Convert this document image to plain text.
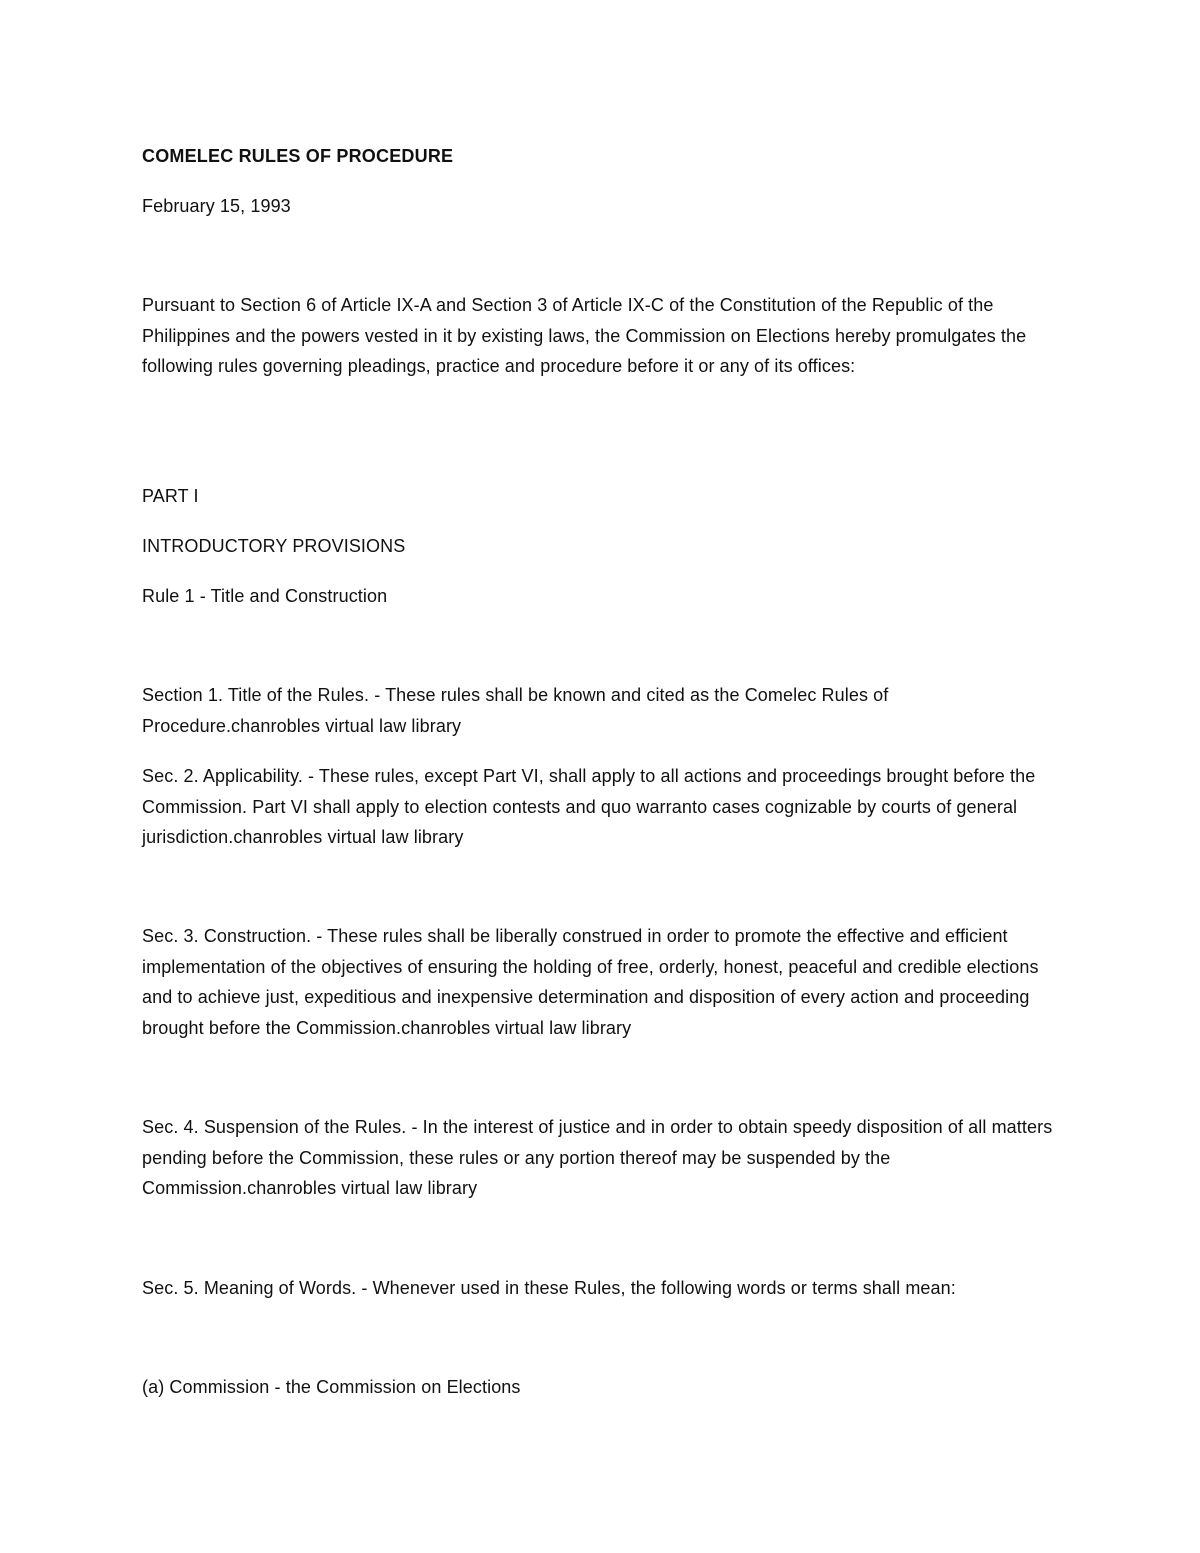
COMELEC RULES OF PROCEDURE

February 15, 1993

Pursuant to Section 6 of Article IX-A and Section 3 of Article IX-C of the Constitution of the Republic of the Philippines and the powers vested in it by existing laws, the Commission on Elections hereby promulgates the following rules governing pleadings, practice and procedure before it or any of its offices:

PART I

INTRODUCTORY PROVISIONS

Rule 1 - Title and Construction

Section 1. Title of the Rules. - These rules shall be known and cited as the Comelec Rules of Procedure.chanrobles virtual law library

Sec. 2. Applicability. - These rules, except Part VI, shall apply to all actions and proceedings brought before the Commission. Part VI shall apply to election contests and quo warranto cases cognizable by courts of general jurisdiction.chanrobles virtual law library

Sec. 3. Construction. - These rules shall be liberally construed in order to promote the effective and efficient implementation of the objectives of ensuring the holding of free, orderly, honest, peaceful and credible elections and to achieve just, expeditious and inexpensive determination and disposition of every action and proceeding brought before the Commission.chanrobles virtual law library

Sec. 4. Suspension of the Rules. - In the interest of justice and in order to obtain speedy disposition of all matters pending before the Commission, these rules or any portion thereof may be suspended by the Commission.chanrobles virtual law library

Sec. 5. Meaning of Words. - Whenever used in these Rules, the following words or terms shall mean:

(a) Commission - the Commission on Elections
